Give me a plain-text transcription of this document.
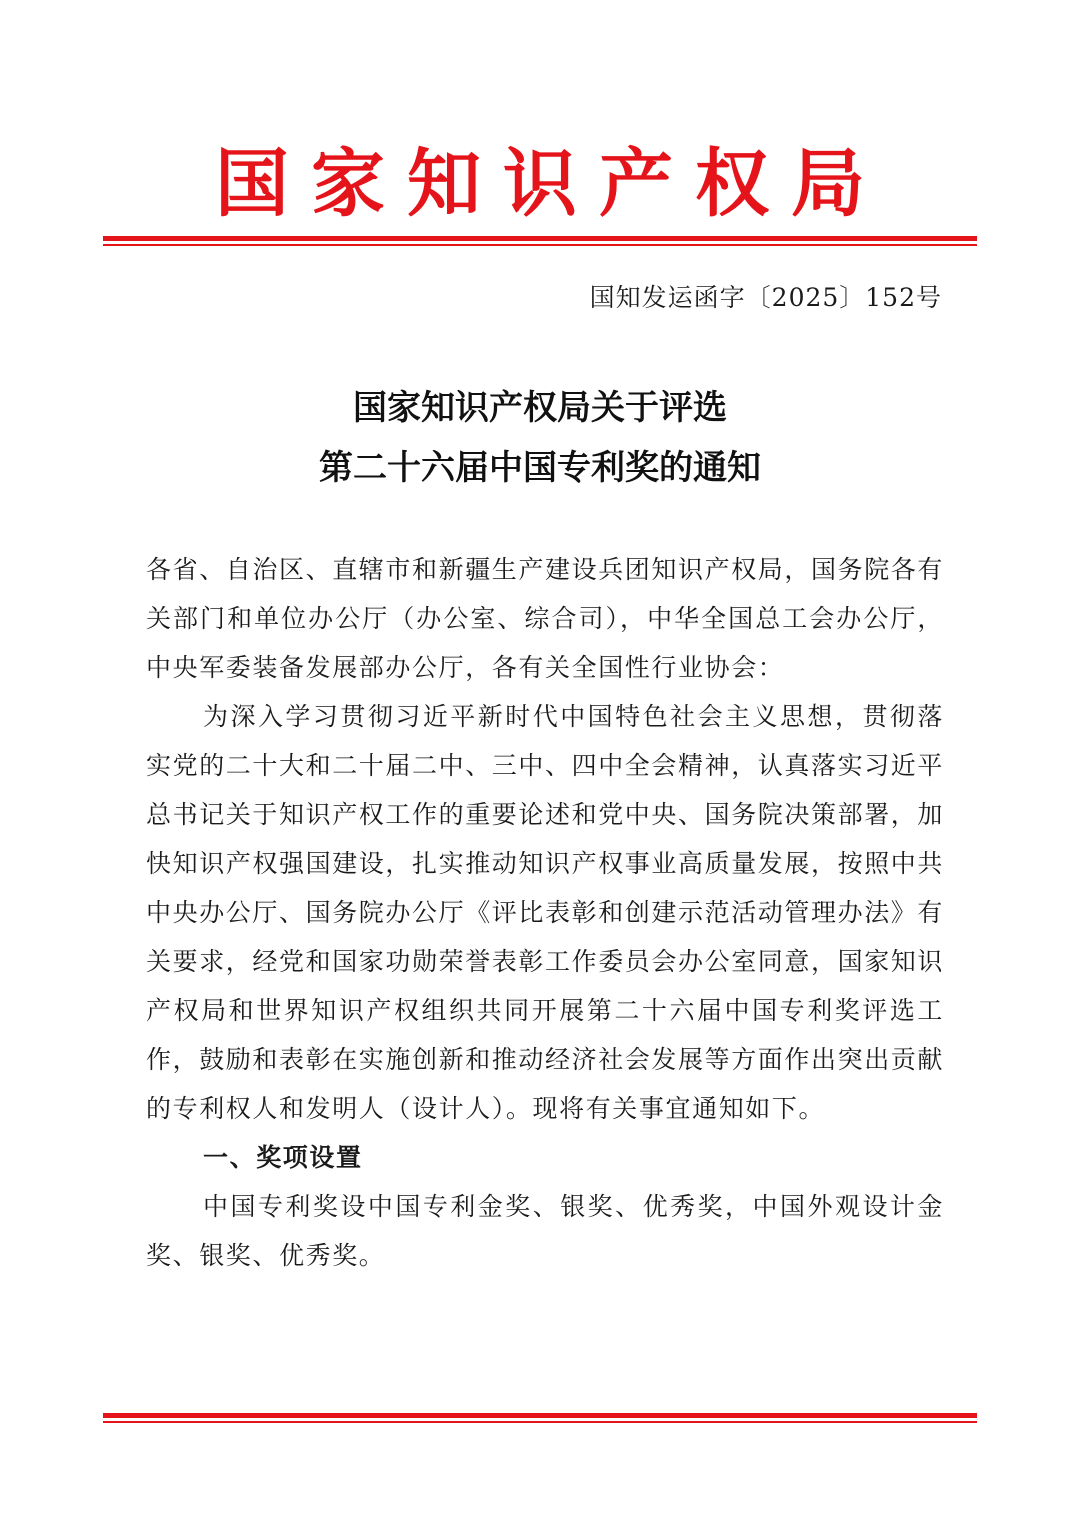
国家知识产权局
国知发运函字〔2025〕152号
国家知识产权局关于评选
第二十六届中国专利奖的通知

各省、自治区、直辖市和新疆生产建设兵团知识产权局，国务院各有关部门和单位办公厅（办公室、综合司），中华全国总工会办公厅，中央军委装备发展部办公厅，各有关全国性行业协会：

为深入学习贯彻习近平新时代中国特色社会主义思想，贯彻落实党的二十大和二十届二中、三中、四中全会精神，认真落实习近平总书记关于知识产权工作的重要论述和党中央、国务院决策部署，加快知识产权强国建设，扎实推动知识产权事业高质量发展，按照中共中央办公厅、国务院办公厅《评比表彰和创建示范活动管理办法》有关要求，经党和国家功勋荣誉表彰工作委员会办公室同意，国家知识产权局和世界知识产权组织共同开展第二十六届中国专利奖评选工作，鼓励和表彰在实施创新和推动经济社会发展等方面作出突出贡献的专利权人和发明人（设计人）。现将有关事宜通知如下。

一、奖项设置

中国专利奖设中国专利金奖、银奖、优秀奖，中国外观设计金奖、银奖、优秀奖。
